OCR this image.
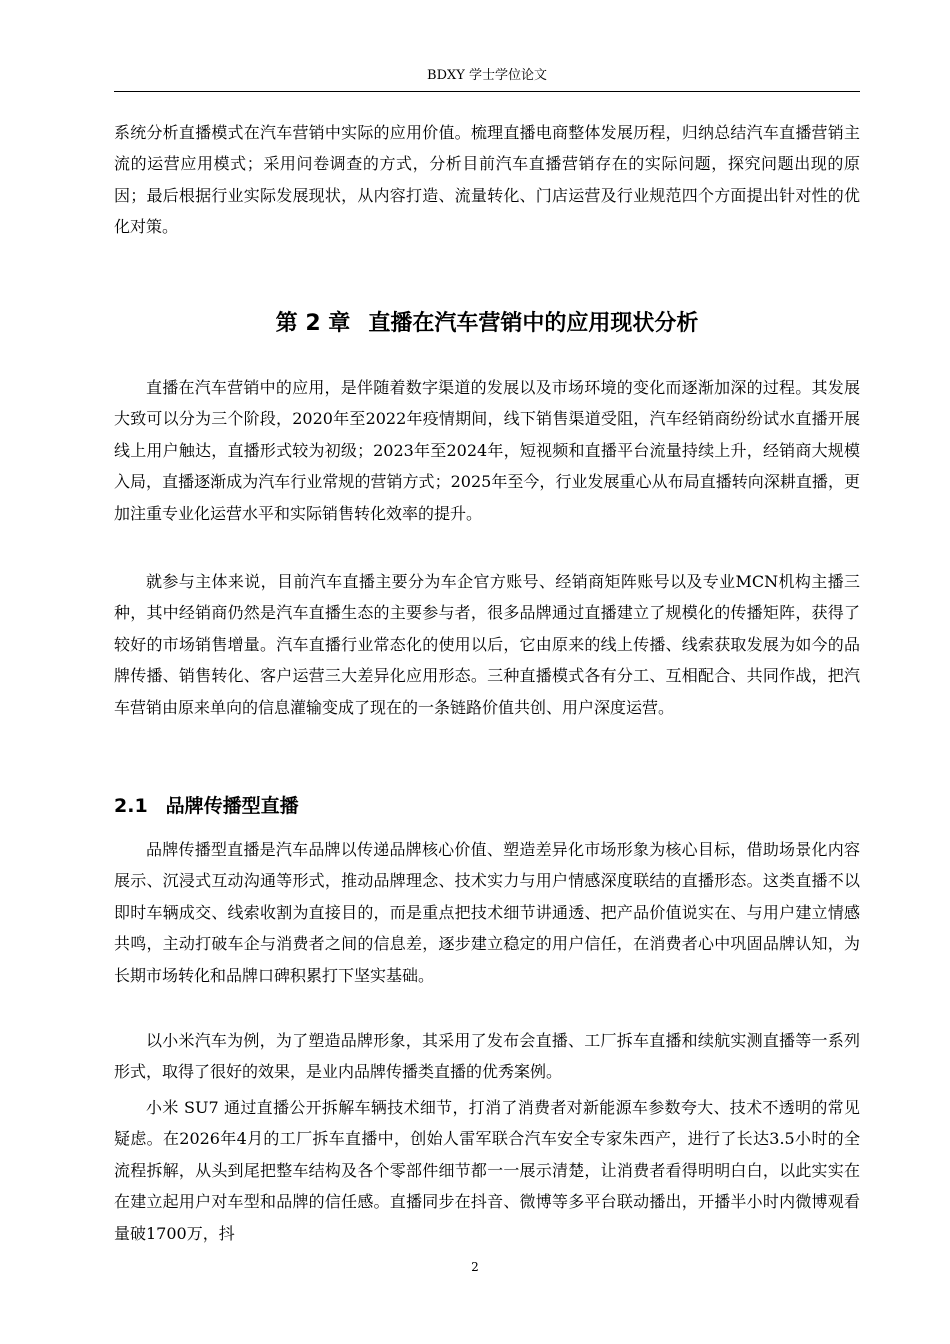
BDXY 学士学位论文

系统分析直播模式在汽车营销中实际的应用价值。梳理直播电商整体发展历程，归纳总结汽车直播营销主流的运营应用模式；采用问卷调查的方式，分析目前汽车直播营销存在的实际问题，探究问题出现的原因；最后根据行业实际发展现状，从内容打造、流量转化、门店运营及行业规范四个方面提出针对性的优化对策。

第 2 章 直播在汽车营销中的应用现状分析

直播在汽车营销中的应用，是伴随着数字渠道的发展以及市场环境的变化而逐渐加深的过程。其发展大致可以分为三个阶段，2020年至2022年疫情期间，线下销售渠道受阻，汽车经销商纷纷试水直播开展线上用户触达，直播形式较为初级；2023年至2024年，短视频和直播平台流量持续上升，经销商大规模入局，直播逐渐成为汽车行业常规的营销方式；2025年至今，行业发展重心从布局直播转向深耕直播，更加注重专业化运营水平和实际销售转化效率的提升。

就参与主体来说，目前汽车直播主要分为车企官方账号、经销商矩阵账号以及专业MCN机构主播三种，其中经销商仍然是汽车直播生态的主要参与者，很多品牌通过直播建立了规模化的传播矩阵，获得了较好的市场销售增量。汽车直播行业常态化的使用以后，它由原来的线上传播、线索获取发展为如今的品牌传播、销售转化、客户运营三大差异化应用形态。三种直播模式各有分工、互相配合、共同作战，把汽车营销由原来单向的信息灌输变成了现在的一条链路价值共创、用户深度运营。

2.1 品牌传播型直播

品牌传播型直播是汽车品牌以传递品牌核心价值、塑造差异化市场形象为核心目标，借助场景化内容展示、沉浸式互动沟通等形式，推动品牌理念、技术实力与用户情感深度联结的直播形态。这类直播不以即时车辆成交、线索收割为直接目的，而是重点把技术细节讲通透、把产品价值说实在、与用户建立情感共鸣，主动打破车企与消费者之间的信息差，逐步建立稳定的用户信任，在消费者心中巩固品牌认知，为长期市场转化和品牌口碑积累打下坚实基础。

以小米汽车为例，为了塑造品牌形象，其采用了发布会直播、工厂拆车直播和续航实测直播等一系列形式，取得了很好的效果，是业内品牌传播类直播的优秀案例。

小米 SU7 通过直播公开拆解车辆技术细节，打消了消费者对新能源车参数夸大、技术不透明的常见疑虑。在2026年4月的工厂拆车直播中，创始人雷军联合汽车安全专家朱西产，进行了长达3.5小时的全流程拆解，从头到尾把整车结构及各个零部件细节都一一展示清楚，让消费者看得明明白白，以此实实在在建立起用户对车型和品牌的信任感。直播同步在抖音、微博等多平台联动播出，开播半小时内微博观看量破1700万，抖

2
